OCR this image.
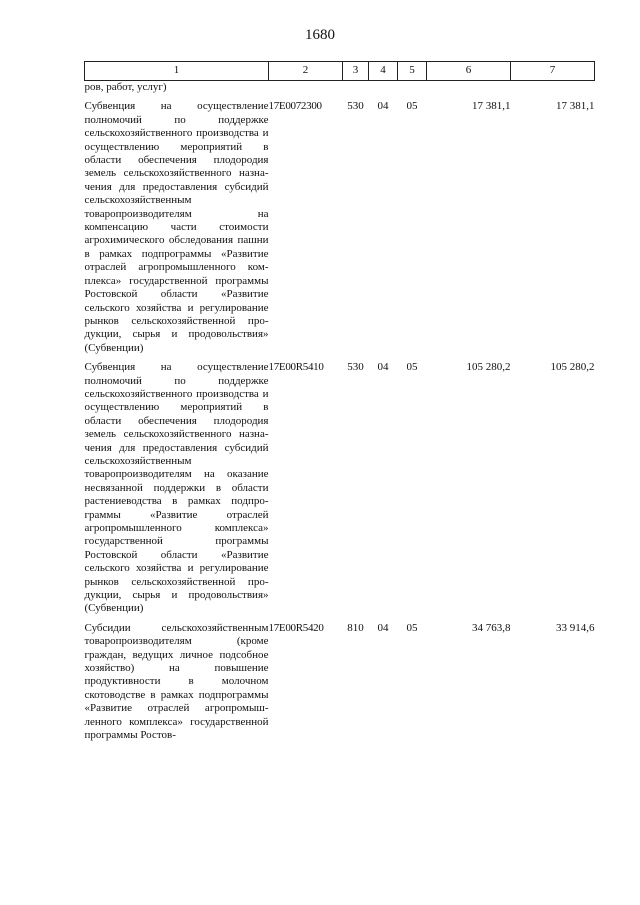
1680
1	2	3	4	5	6	7
ров, работ, услуг)						
Субвенция на осуществление полномочий по поддержке сельскохозяйственного производства и осуществлению мероприятий в области обеспечения плодородия земель сельскохозяйственного назначения для предоставления субсидий сельскохозяйственным товаропроизводителям на компенсацию части стоимости агрохимического обследования пашни в рамках подпрограммы «Развитие отраслей агропромышленного комплекса» государственной программы Ростовской области «Развитие сельского хозяйства и регулирование рынков сельскохозяйственной продукции, сырья и продовольствия» (Субвенции)	17Е0072300	530	04	05	17 381,1	17 381,1
Субвенция на осуществление полномочий по поддержке сельскохозяйственного производства и осуществлению мероприятий в области обеспечения плодородия земель сельскохозяйственного назначения для предоставления субсидий сельскохозяйственным товаропроизводителям на оказание несвязанной поддержки в области растениеводства в рамках подпрограммы «Развитие отраслей агропромышленного комплекса» государственной программы Ростовской области «Развитие сельского хозяйства и регулирование рынков сельскохозяйственной продукции, сырья и продовольствия» (Субвенции)	17Е00R5410	530	04	05	105 280,2	105 280,2
Субсидии сельскохозяйственным товаропроизводителям (кроме граждан, ведущих личное подсобное хозяйство) на повышение продуктивности в молочном скотоводстве в рамках подпрограммы «Развитие отраслей агропромышленного комплекса» государственной программы Ростов-	17Е00R5420	810	04	05	34 763,8	33 914,6
